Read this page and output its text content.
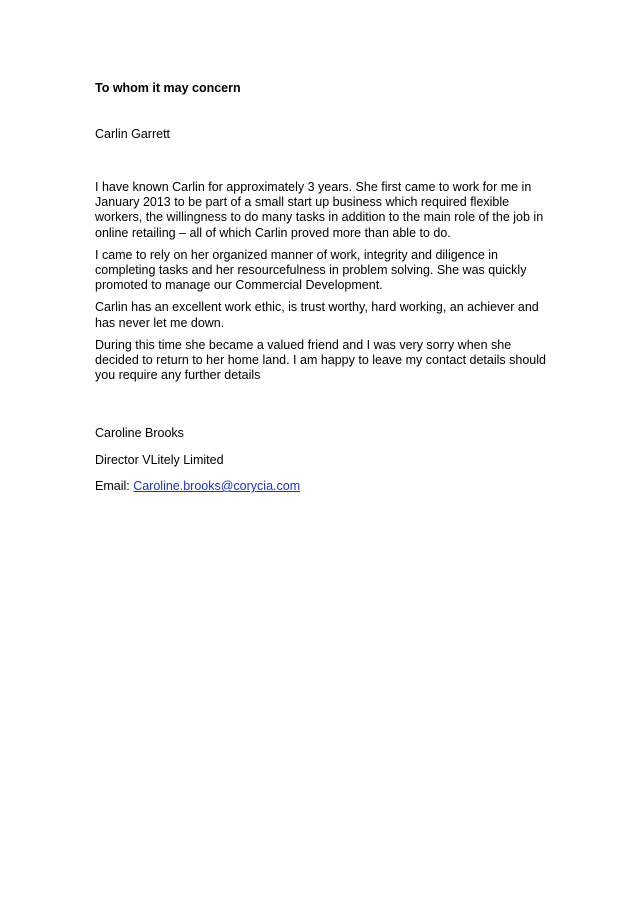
To whom it may concern
Carlin Garrett

I have known Carlin for approximately 3 years. She first came to work for me in January 2013 to be part of a small start up business which required flexible workers, the willingness to do many tasks in addition to the main role of the job in online retailing – all of which Carlin proved more than able to do.

I came to rely on her organized manner of work, integrity and diligence in completing tasks and her resourcefulness in problem solving. She was quickly promoted to manage our Commercial Development.

Carlin has an excellent work ethic, is trust worthy, hard working, an achiever and has never let me down.

During this time she became a valued friend and I was very sorry when she decided to return to her home land. I am happy to leave my contact details should you require any further details

Caroline Brooks
Director VLitely Limited
Email: Caroline.brooks@corycia.com
